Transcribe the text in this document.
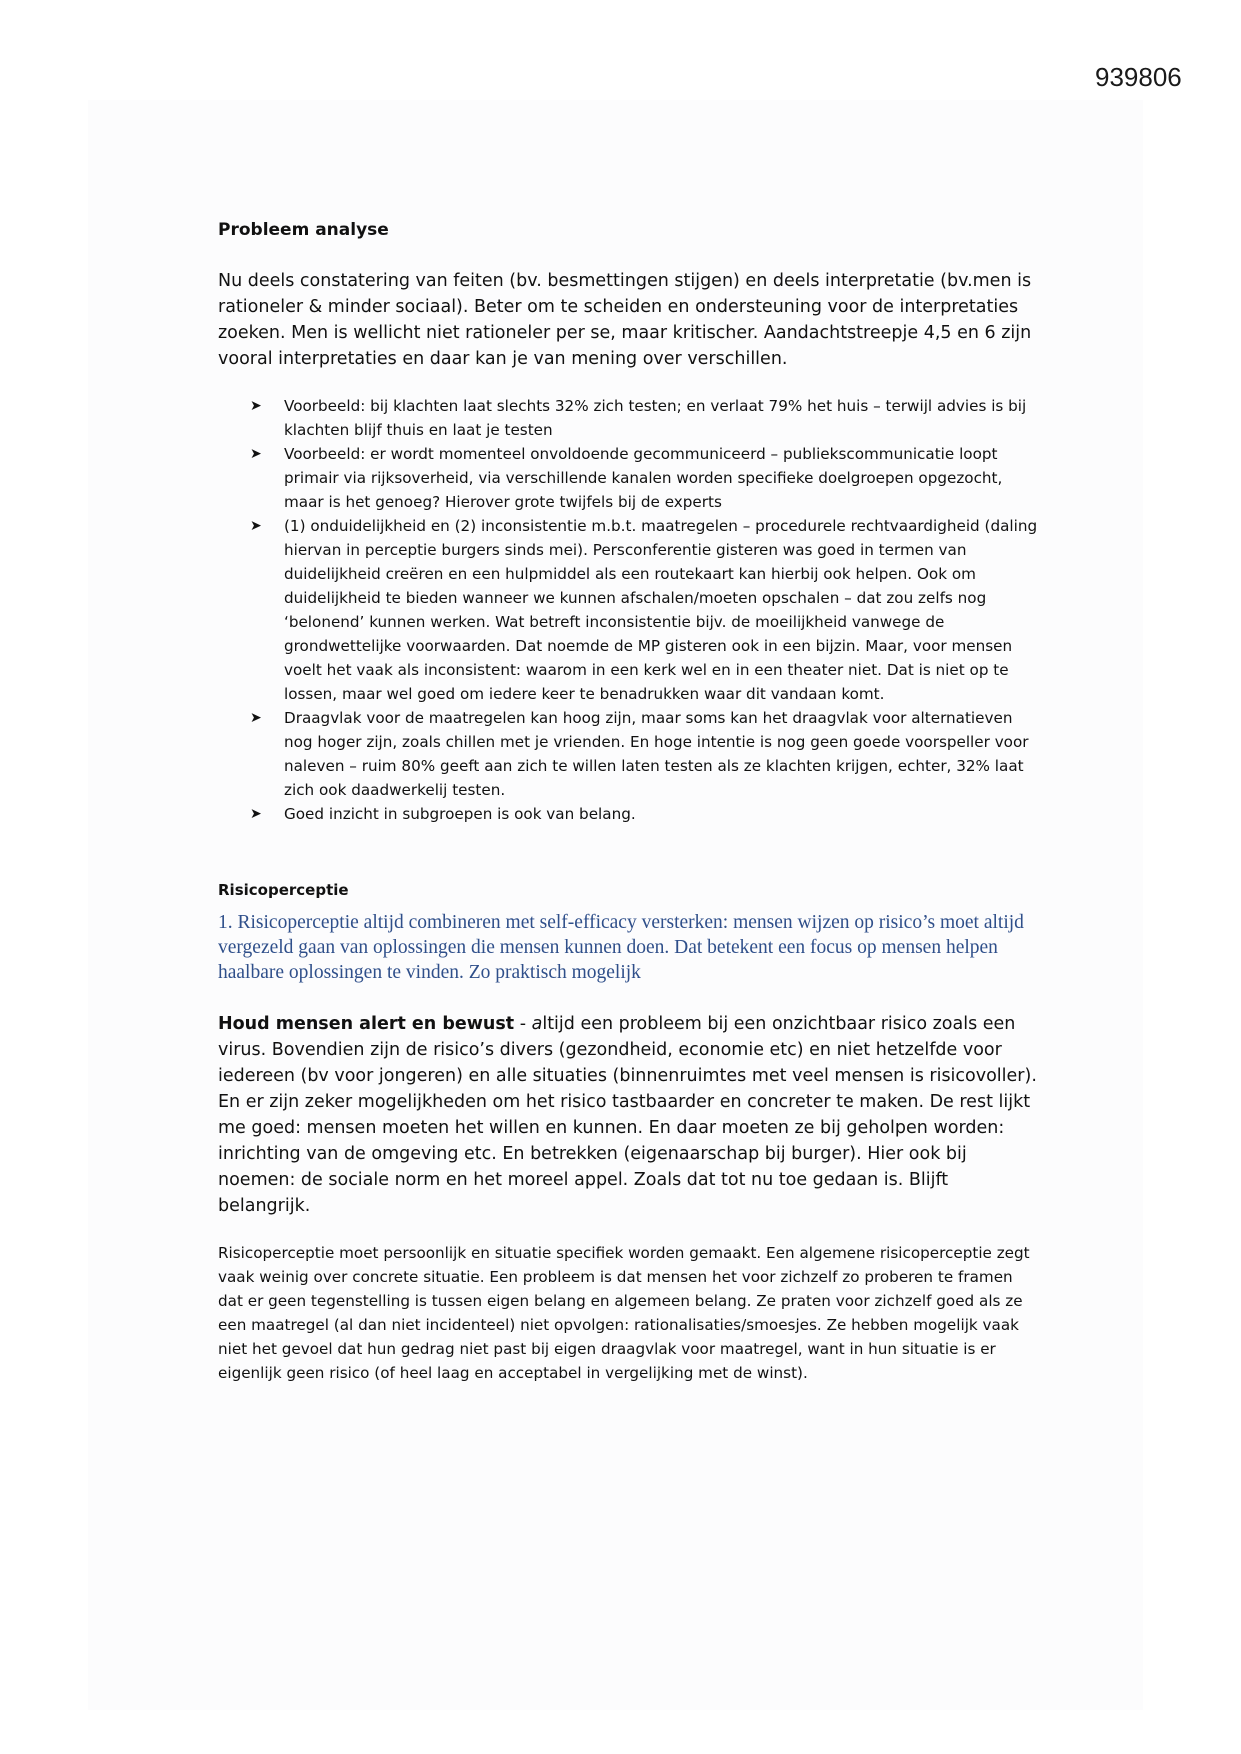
939806
Probleem analyse

Nu deels constatering van feiten (bv. besmettingen stijgen) en deels interpretatie (bv.men is rationeler & minder sociaal). Beter om te scheiden en ondersteuning voor de interpretaties zoeken. Men is wellicht niet rationeler per se, maar kritischer. Aandachtstreepje 4,5 en 6 zijn vooral interpretaties en daar kan je van mening over verschillen.

➤ Voorbeeld: bij klachten laat slechts 32% zich testen; en verlaat 79% het huis – terwijl advies is bij klachten blijf thuis en laat je testen
➤ Voorbeeld: er wordt momenteel onvoldoende gecommuniceerd – publiekscommunicatie loopt primair via rijksoverheid, via verschillende kanalen worden specifieke doelgroepen opgezocht, maar is het genoeg? Hierover grote twijfels bij de experts
➤ (1) onduidelijkheid en (2) inconsistentie m.b.t. maatregelen – procedurele rechtvaardigheid (daling hiervan in perceptie burgers sinds mei). Persconferentie gisteren was goed in termen van duidelijkheid creëren en een hulpmiddel als een routekaart kan hierbij ook helpen. Ook om duidelijkheid te bieden wanneer we kunnen afschalen/moeten opschalen – dat zou zelfs nog ‘belonend’ kunnen werken. Wat betreft inconsistentie bijv. de moeilijkheid vanwege de grondwettelijke voorwaarden. Dat noemde de MP gisteren ook in een bijzin. Maar, voor mensen voelt het vaak als inconsistent: waarom in een kerk wel en in een theater niet. Dat is niet op te lossen, maar wel goed om iedere keer te benadrukken waar dit vandaan komt.
➤ Draagvlak voor de maatregelen kan hoog zijn, maar soms kan het draagvlak voor alternatieven nog hoger zijn, zoals chillen met je vrienden. En hoge intentie is nog geen goede voorspeller voor naleven – ruim 80% geeft aan zich te willen laten testen als ze klachten krijgen, echter, 32% laat zich ook daadwerkelij testen.
➤ Goed inzicht in subgroepen is ook van belang.
Risicoperceptie

1. Risicoperceptie altijd combineren met self-efficacy versterken: mensen wijzen op risico’s moet altijd vergezeld gaan van oplossingen die mensen kunnen doen. Dat betekent een focus op mensen helpen haalbare oplossingen te vinden. Zo praktisch mogelijk

Houd mensen alert en bewust - altijd een probleem bij een onzichtbaar risico zoals een virus. Bovendien zijn de risico’s divers (gezondheid, economie etc) en niet hetzelfde voor iedereen (bv voor jongeren) en alle situaties (binnenruimtes met veel mensen is risicovoller). En er zijn zeker mogelijkheden om het risico tastbaarder en concreter te maken. De rest lijkt me goed: mensen moeten het willen en kunnen. En daar moeten ze bij geholpen worden: inrichting van de omgeving etc. En betrekken (eigenaarschap bij burger). Hier ook bij noemen: de sociale norm en het moreel appel. Zoals dat tot nu toe gedaan is. Blijft belangrijk.

Risicoperceptie moet persoonlijk en situatie specifiek worden gemaakt. Een algemene risicoperceptie zegt vaak weinig over concrete situatie. Een probleem is dat mensen het voor zichzelf zo proberen te framen dat er geen tegenstelling is tussen eigen belang en algemeen belang. Ze praten voor zichzelf goed als ze een maatregel (al dan niet incidenteel) niet opvolgen: rationalisaties/smoesjes. Ze hebben mogelijk vaak niet het gevoel dat hun gedrag niet past bij eigen draagvlak voor maatregel, want in hun situatie is er eigenlijk geen risico (of heel laag en acceptabel in vergelijking met de winst).
